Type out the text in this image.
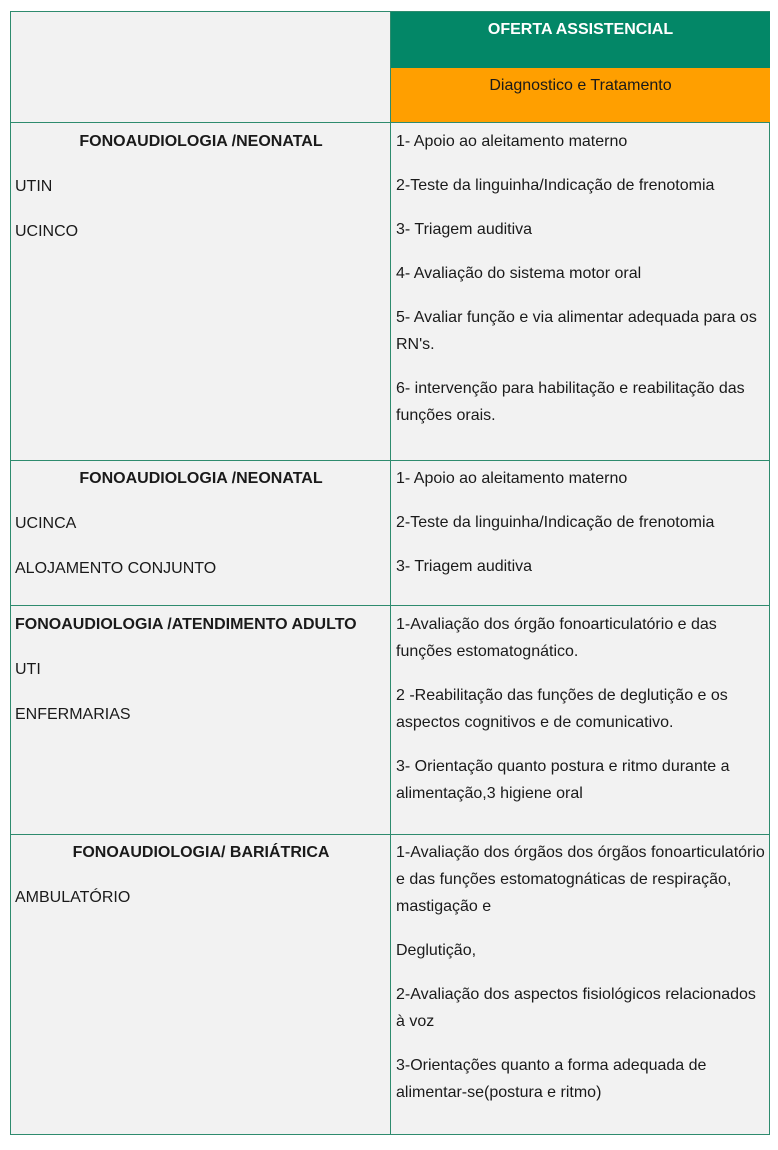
OFERTA ASSISTENCIAL
Diagnostico e Tratamento
FONOAUDIOLOGIA /NEONATAL
UTIN
UCINCO
1- Apoio ao aleitamento materno
2-Teste da linguinha/Indicação de frenotomia
3- Triagem auditiva
4- Avaliação do sistema motor oral
5- Avaliar função e via alimentar adequada para os RN's.
6- intervenção para habilitação e reabilitação das funções orais.
FONOAUDIOLOGIA /NEONATAL
UCINCA
ALOJAMENTO CONJUNTO
1- Apoio ao aleitamento materno
2-Teste da linguinha/Indicação de frenotomia
3- Triagem auditiva
FONOAUDIOLOGIA /ATENDIMENTO ADULTO
UTI
ENFERMARIAS
1-Avaliação dos órgão fonoarticulatório e das funções estomatognático.
2 -Reabilitação das funções de deglutição e os aspectos cognitivos e de comunicativo.
3- Orientação quanto postura e ritmo durante a alimentação,3 higiene oral
FONOAUDIOLOGIA/ BARIÁTRICA
AMBULATÓRIO
1-Avaliação dos órgãos dos órgãos fonoarticulatório e das funções estomatognáticas de respiração, mastigação e
Deglutição,
2-Avaliação dos aspectos fisiológicos relacionados à voz
3-Orientações quanto a forma adequada de alimentar-se(postura e ritmo)
